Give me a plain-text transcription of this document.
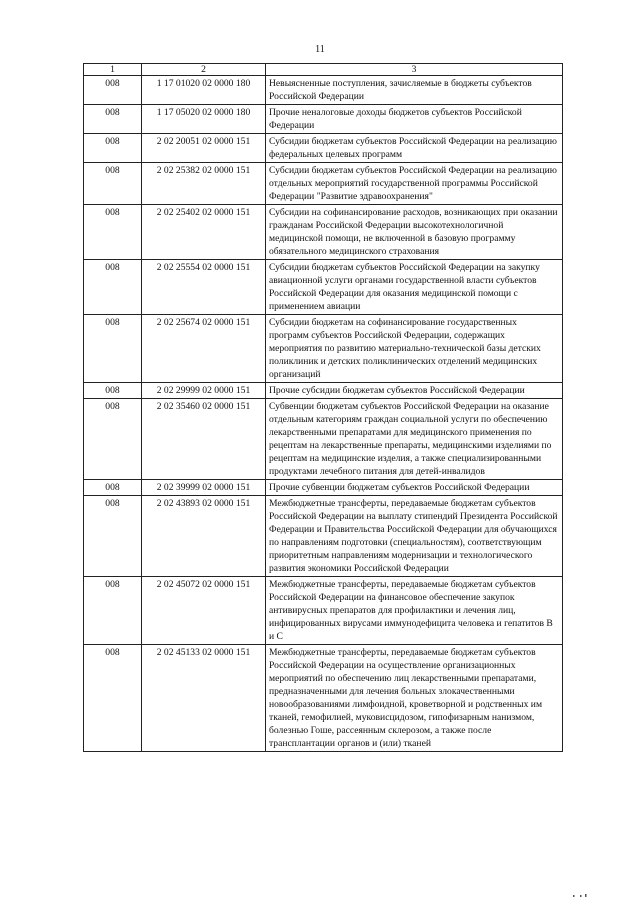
11
1	2	3
008	1 17 01020 02 0000 180	Невыясненные поступления, зачисляемые в бюджеты субъектов Российской Федерации
008	1 17 05020 02 0000 180	Прочие неналоговые доходы бюджетов субъектов Российской Федерации
008	2 02 20051 02 0000 151	Субсидии бюджетам субъектов Российской Федерации на реализацию федеральных целевых программ
008	2 02 25382 02 0000 151	Субсидии бюджетам субъектов Российской Федерации на реализацию отдельных мероприятий государственной программы Российской Федерации "Развитие здравоохранения"
008	2 02 25402 02 0000 151	Субсидии на софинансирование расходов, возникающих при оказании гражданам Российской Федерации высокотехнологичной медицинской помощи, не включенной в базовую программу обязательного медицинского страхования
008	2 02 25554 02 0000 151	Субсидии бюджетам субъектов Российской Федерации на закупку авиационной услуги органами государственной власти субъектов Российской Федерации для оказания медицинской помощи с применением авиации
008	2 02 25674 02 0000 151	Субсидии бюджетам на софинансирование государственных программ субъектов Российской Федерации, содержащих мероприятия по развитию материально-технической базы детских поликлиник и детских поликлинических отделений медицинских организаций
008	2 02 29999 02 0000 151	Прочие субсидии бюджетам субъектов Российской Федерации
008	2 02 35460 02 0000 151	Субвенции бюджетам субъектов Российской Федерации на оказание отдельным категориям граждан социальной услуги по обеспечению лекарственными препаратами для медицинского применения по рецептам на лекарственные препараты, медицинскими изделиями по рецептам на медицинские изделия, а также специализированными продуктами лечебного питания для детей-инвалидов
008	2 02 39999 02 0000 151	Прочие субвенции бюджетам субъектов Российской Федерации
008	2 02 43893 02 0000 151	Межбюджетные трансферты, передаваемые бюджетам субъектов Российской Федерации на выплату стипендий Президента Российской Федерации и Правительства Российской Федерации для обучающихся по направлениям подготовки (специальностям), соответствующим приоритетным направлениям модернизации и технологического развития экономики Российской Федерации
008	2 02 45072 02 0000 151	Межбюджетные трансферты, передаваемые бюджетам субъектов Российской Федерации на финансовое обеспечение закупок антивирусных препаратов для профилактики и лечения лиц, инфицированных вирусами иммунодефицита человека и гепатитов В и С
008	2 02 45133 02 0000 151	Межбюджетные трансферты, передаваемые бюджетам субъектов Российской Федерации на осуществление организационных мероприятий по обеспечению лиц лекарственными препаратами, предназначенными для лечения больных злокачественными новообразованиями лимфоидной, кроветворной и родственных им тканей, гемофилией, муковисцидозом, гипофизарным нанизмом, болезнью Гоше, рассеянным склерозом, а также после трансплантации органов и (или) тканей
